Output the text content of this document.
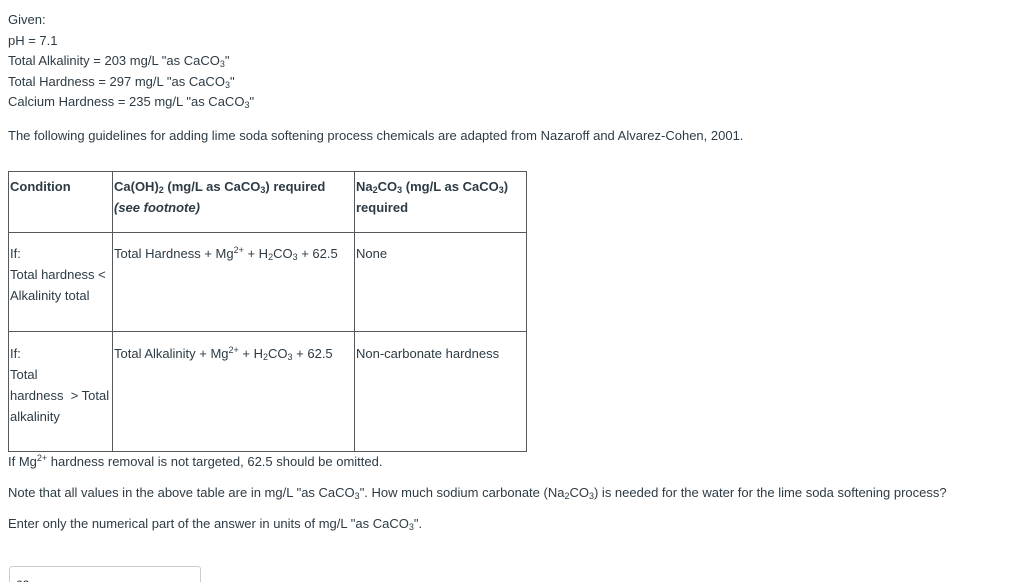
Given:
pH = 7.1
Total Alkalinity = 203 mg/L "as CaCO$_3$"
Total Hardness = 297 mg/L "as CaCO$_3$"
Calcium Hardness = 235 mg/L "as CaCO$_3$"
The following guidelines for adding lime soda softening process chemicals are adapted from Nazaroff and Alvarez-Cohen, 2001.
Condition	$Ca(OH)_2$ (mg/L as CaCO$_3$) required (see footnote)	$Na_2CO_3$ (mg/L as CaCO$_3$) required

If:
Total hardness <
Alkalinity total	Total Hardness + $Mg^{2+} + H_2CO_3 + 62.5$	None

If:
Total
hardness  > Total
alkalinity	Total Alkalinity + $Mg^{2+} + H_2CO_3 + 62.5$	Non-carbonate hardness
If $Mg^{2+}$ hardness removal is not targeted, 62.5 should be omitted.
Note that all values in the above table are in mg/L "as CaCO$_3$". How much sodium carbonate $(Na_2CO_3)$ is needed for the water for the lime soda softening process?
Enter only the numerical part of the answer in units of mg/L "as CaCO$_3$".
62
